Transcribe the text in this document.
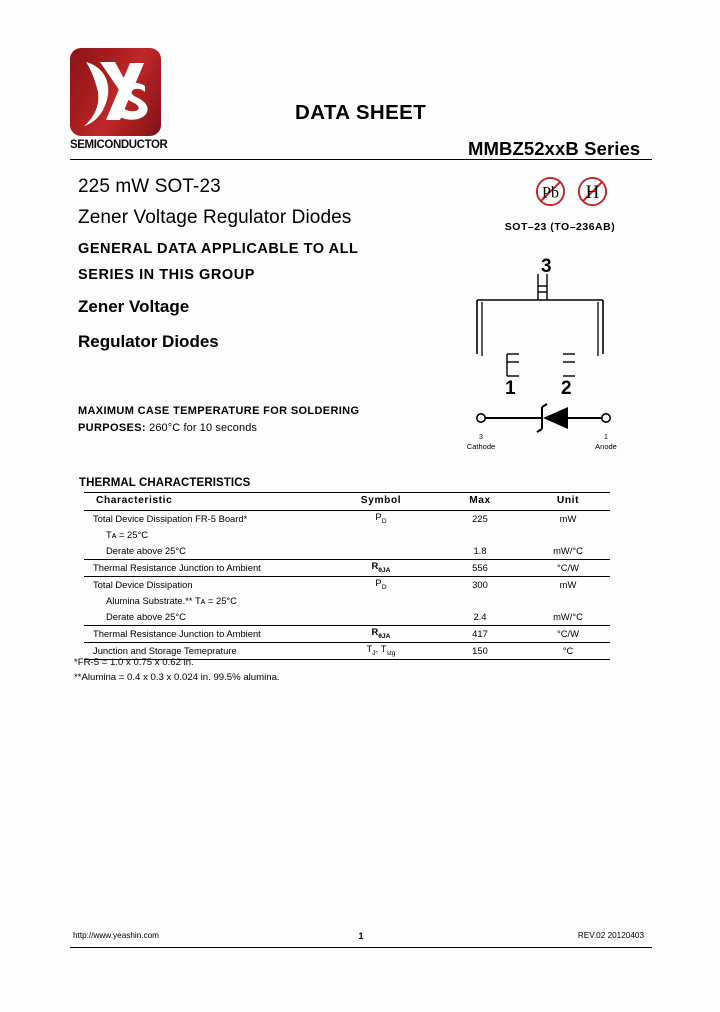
SEMICONDUCTOR
DATA SHEET
MMBZ52xxB Series
225 mW SOT-23
Zener Voltage Regulator Diodes
GENERAL DATA APPLICABLE TO ALL
SERIES IN THIS GROUP
Zener Voltage
Regulator Diodes
MAXIMUM CASE TEMPERATURE FOR SOLDERING
PURPOSES: 260°C for 10 seconds
Pb H
SOT–23 (TO–236AB)
3
1 2
3
Cathode
1
Anode
THERMAL CHARACTERISTICS
Characteristic	Symbol	Max	Unit
Total Device Dissipation FR-5 Board*	$P_D$	225	mW
Tᴀ = 25°C			
Derate above 25°C		1.8	mW/°C
Thermal Resistance Junction to Ambient	$R_{\theta JA}$	556	°C/W
Total Device Dissipation	$P_D$	300	mW
Alumina Substrate.** Tᴀ = 25°C			
Derate above 25°C		2.4	mW/°C
Thermal Resistance Junction to Ambient	$R_{\theta JA}$	417	°C/W
Junction and Storage Temeprature	$T_J$, $T_{stg}$	150	°C
*FR-5 = 1.0 x 0.75 x 0.62 in.
**Alumina = 0.4 x 0.3 x 0.024 in. 99.5% alumina.
http://www.yeashin.com	1	REV.02 20120403
